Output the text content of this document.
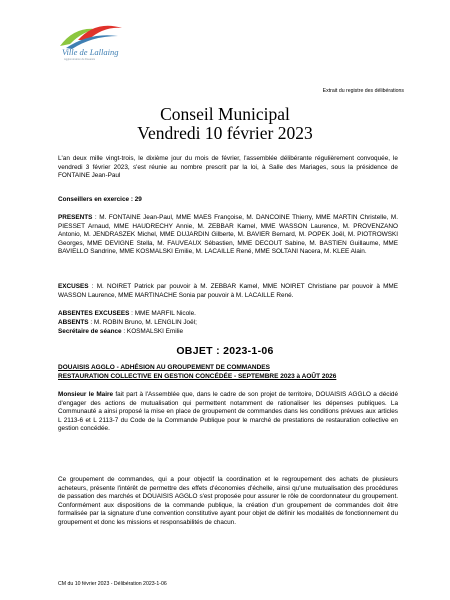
Ville de Lallaing
Agglomération du Douaisis
Extrait du registre des délibérations
Conseil Municipal
Vendredi 10 février 2023

L'an deux mille vingt-trois, le dixième jour du mois de février, l'assemblée délibérante régulièrement convoquée, le vendredi 3 février 2023, s'est réunie au nombre prescrit par la loi, à Salle des Mariages, sous la présidence de FONTAINE Jean-Paul

Conseillers en exercice : 29

PRESENTS : M. FONTAINE Jean-Paul, MME MAES Françoise, M. DANCOINE Thierry, MME MARTIN Christelle, M. PIESSET Arnaud, MME HAUDRECHY Annie, M. ZEBBAR Kamel, MME WASSON Laurence, M. PROVENZANO Antonio, M. JENDRASZEK Michel, MME DUJARDIN Gilberte, M. BAVIER Bernard, M. POPEK Joël, M. PIOTROWSKI Georges, MME DEVIGNE Stella, M. FAUVEAUX Sébastien, MME DECOUT Sabine, M. BASTIEN Guillaume, MME BAVIELLO Sandrine, MME KOSMALSKI Emilie, M. LACAILLE René, MME SOLTANI Nacera, M. KLEE Alain.

EXCUSES : M. NOIRET Patrick par pouvoir à M. ZEBBAR Kamel, MME NOIRET Christiane par pouvoir à MME WASSON Laurence, MME MARTINACHE Sonia par pouvoir à M. LACAILLE René.

ABSENTES EXCUSEES : MME MARFIL Nicole.

ABSENTS : M. ROBIN Bruno, M. LENGLIN Joël;

Secrétaire de séance : KOSMALSKI Emilie

OBJET : 2023-1-06

DOUAISIS AGGLO - ADHÉSION AU GROUPEMENT DE COMMANDES

RESTAURATION COLLECTIVE EN GESTION CONCÉDÉE - SEPTEMBRE 2023 à AOÛT 2026

Monsieur le Maire fait part à l'Assemblée que, dans le cadre de son projet de territoire, DOUAISIS AGGLO a décidé d'engager des actions de mutualisation qui permettent notamment de rationaliser les dépenses publiques. La Communauté a ainsi proposé la mise en place de groupement de commandes dans les conditions prévues aux articles L 2113-6 et L 2113-7 du Code de la Commande Publique pour le marché de prestations de restauration collective en gestion concédée.

Ce groupement de commandes, qui a pour objectif la coordination et le regroupement des achats de plusieurs acheteurs, présente l'intérêt de permettre des effets d'économies d'échelle, ainsi qu'une mutualisation des procédures de passation des marchés et DOUAISIS AGGLO s'est proposée pour assurer le rôle de coordonnateur du groupement. Conformément aux dispositions de la commande publique, la création d'un groupement de commandes doit être formalisée par la signature d'une convention constitutive ayant pour objet de définir les modalités de fonctionnement du groupement et donc les missions et responsabilités de chacun.

CM du 10 février 2023 - Délibération 2023-1-06
